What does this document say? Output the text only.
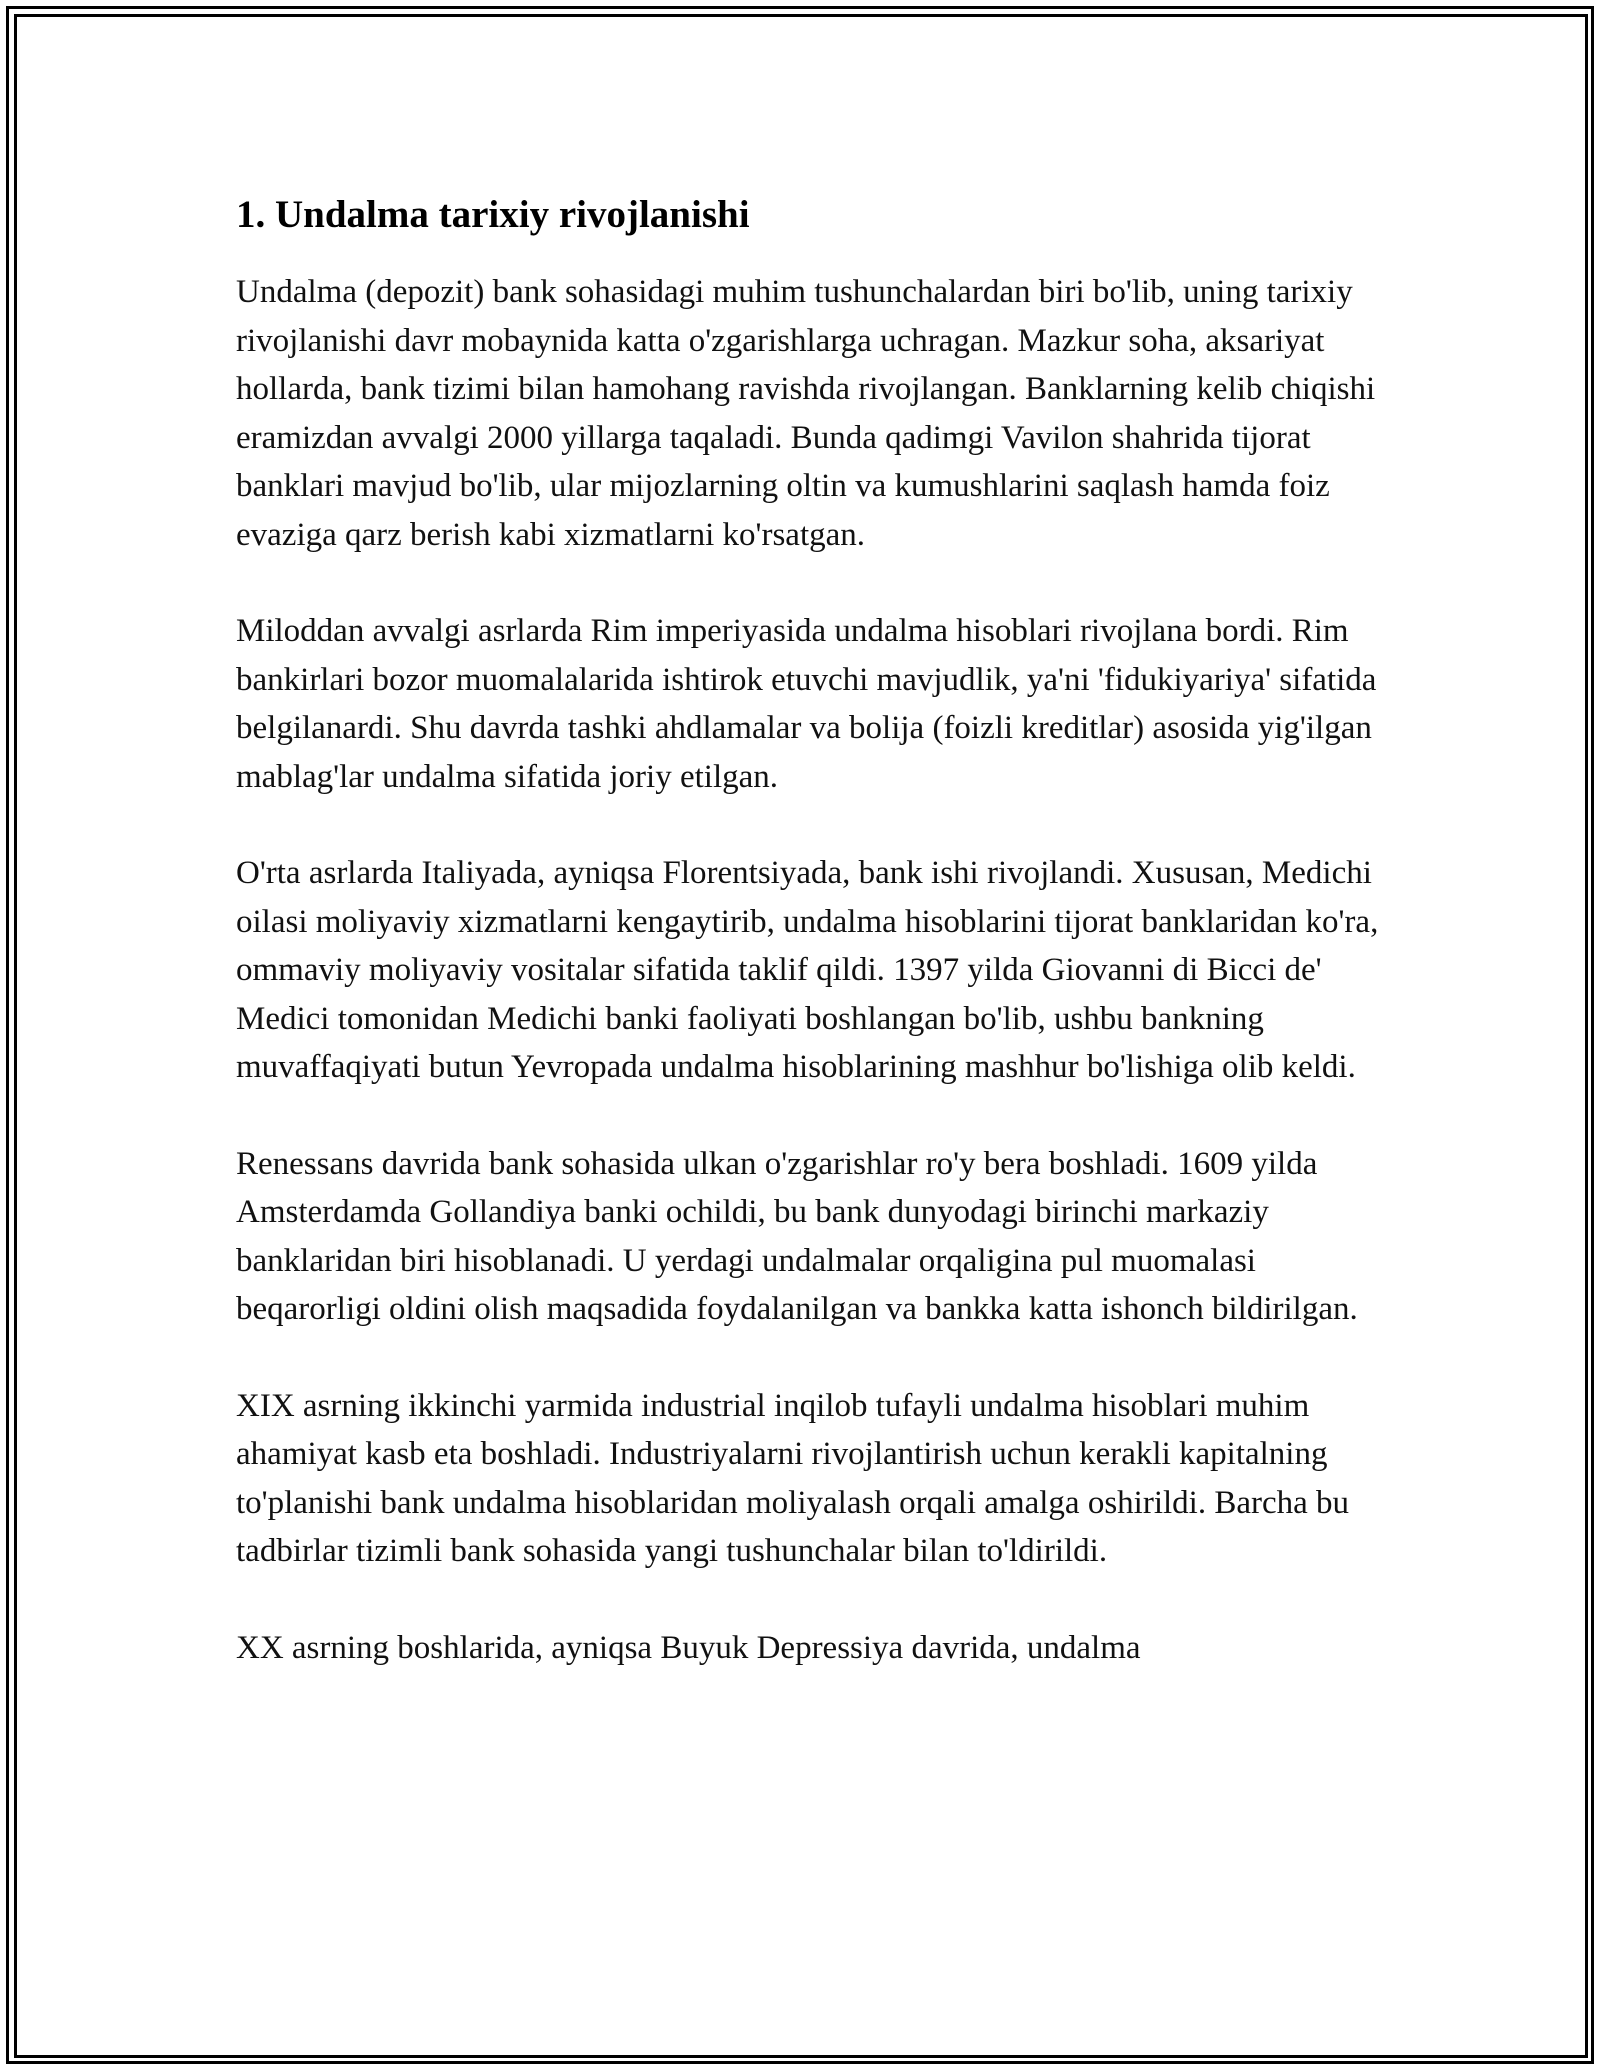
1. Undalma tarixiy rivojlanishi

Undalma (depozit) bank sohasidagi muhim tushunchalardan biri bo'lib, uning tarixiy rivojlanishi davr mobaynida katta o'zgarishlarga uchragan. Mazkur soha, aksariyat hollarda, bank tizimi bilan hamohang ravishda rivojlangan. Banklarning kelib chiqishi eramizdan avvalgi 2000 yillarga taqaladi. Bunda qadimgi Vavilon shahrida tijorat banklari mavjud bo'lib, ular mijozlarning oltin va kumushlarini saqlash hamda foiz evaziga qarz berish kabi xizmatlarni ko'rsatgan.

Miloddan avvalgi asrlarda Rim imperiyasida undalma hisoblari rivojlana bordi. Rim bankirlari bozor muomalalarida ishtirok etuvchi mavjudlik, ya'ni 'fidukiyariya' sifatida belgilanardi. Shu davrda tashki ahdlamalar va bolija (foizli kreditlar) asosida yig'ilgan mablag'lar undalma sifatida joriy etilgan.

O'rta asrlarda Italiyada, ayniqsa Florentsiyada, bank ishi rivojlandi. Xususan, Medichi oilasi moliyaviy xizmatlarni kengaytirib, undalma hisoblarini tijorat banklaridan ko'ra, ommaviy moliyaviy vositalar sifatida taklif qildi. 1397 yilda Giovanni di Bicci de' Medici tomonidan Medichi banki faoliyati boshlangan bo'lib, ushbu bankning muvaffaqiyati butun Yevropada undalma hisoblarining mashhur bo'lishiga olib keldi.

Renessans davrida bank sohasida ulkan o'zgarishlar ro'y bera boshladi. 1609 yilda Amsterdamda Gollandiya banki ochildi, bu bank dunyodagi birinchi markaziy banklaridan biri hisoblanadi. U yerdagi undalmalar orqaligina pul muomalasi beqarorligi oldini olish maqsadida foydalanilgan va bankka katta ishonch bildirilgan.

XIX asrning ikkinchi yarmida industrial inqilob tufayli undalma hisoblari muhim ahamiyat kasb eta boshladi. Industriyalarni rivojlantirish uchun kerakli kapitalning to'planishi bank undalma hisoblaridan moliyalash orqali amalga oshirildi. Barcha bu tadbirlar tizimli bank sohasida yangi tushunchalar bilan to'ldirildi.

XX asrning boshlarida, ayniqsa Buyuk Depressiya davrida, undalma
